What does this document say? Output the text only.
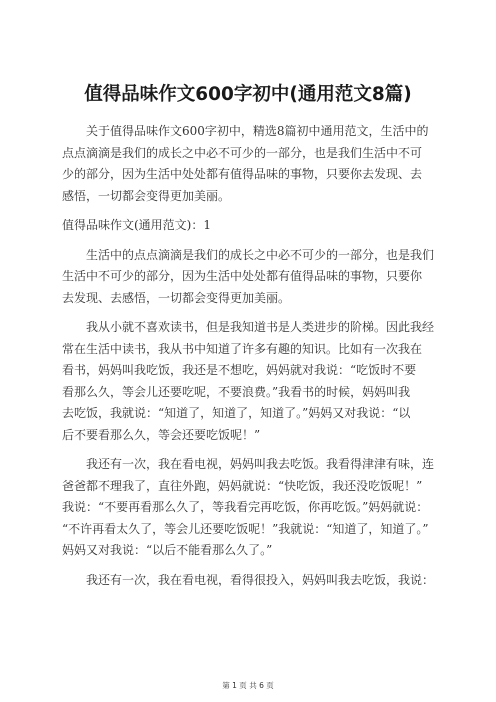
值得品味作文600字初中(通用范文8篇)
关于值得品味作文600字初中，精选8篇初中通用范文，生活中的
点点滴滴是我们的成长之中必不可少的一部分，也是我们生活中不可
少的部分，因为生活中处处都有值得品味的事物，只要你去发现、去
感悟，一切都会变得更加美丽。
值得品味作文(通用范文)：1
生活中的点点滴滴是我们的成长之中必不可少的一部分，也是我们
生活中不可少的部分，因为生活中处处都有值得品味的事物，只要你
去发现、去感悟，一切都会变得更加美丽。
我从小就不喜欢读书，但是我知道书是人类进步的阶梯。因此我经
常在生活中读书，我从书中知道了许多有趣的知识。比如有一次我在
看书，妈妈叫我吃饭，我还是不想吃，妈妈就对我说：“吃饭时不要
看那么久，等会儿还要吃呢，不要浪费。”我看书的时候，妈妈叫我
去吃饭，我就说：“知道了，知道了，知道了。”妈妈又对我说：“以
后不要看那么久，等会还要吃饭呢！”
我还有一次，我在看电视，妈妈叫我去吃饭。我看得津津有味，连
爸爸都不理我了，直往外跑，妈妈就说：“快吃饭，我还没吃饭呢！”
我说：“不要再看那么久了，等我看完再吃饭，你再吃饭。”妈妈就说：
“不许再看太久了，等会儿还要吃饭呢！”我就说：“知道了，知道了。”
妈妈又对我说：“以后不能看那么久了。”
我还有一次，我在看电视，看得很投入，妈妈叫我去吃饭，我说：
第 1 页 共 6 页
